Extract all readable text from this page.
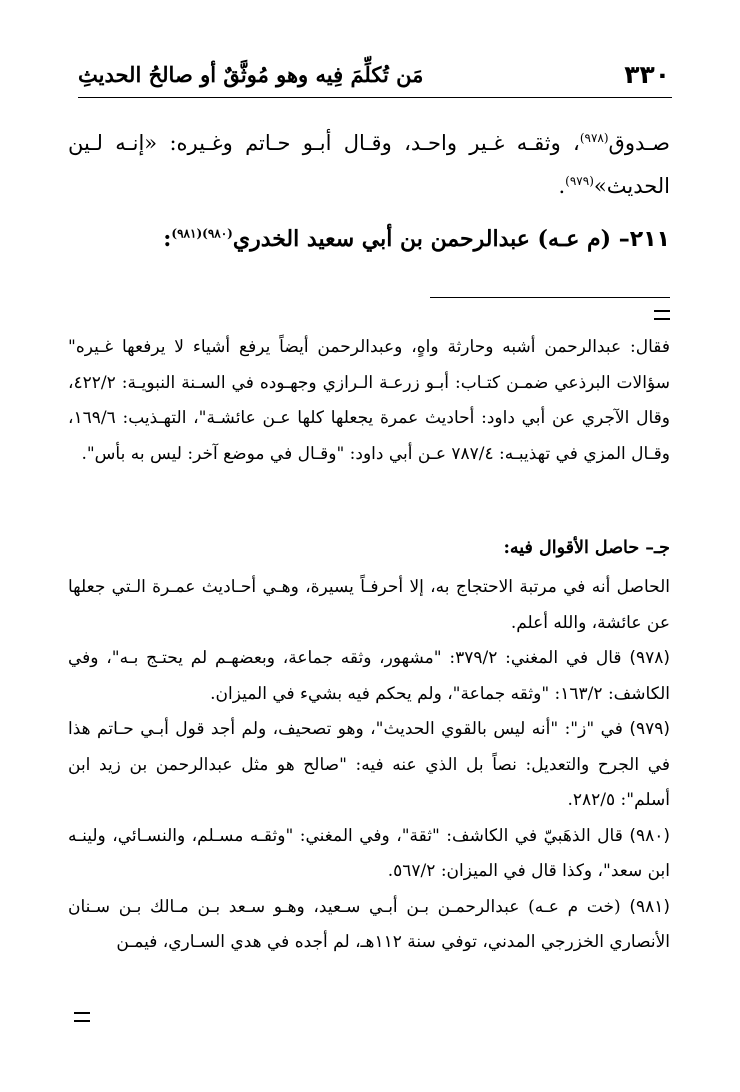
٣٣٠
مَن تُكلِّمَ فِيه وهو مُوثَّقٌ أو صالحُ الحديثِ
صـدوق$^{(٩٧٨)}$، وثقـه غـير واحـد، وقـال أبـو حـاتم وغـيره: «إنـه لـين الحديث»$^{(٩٧٩)}$.
٢١١– (م عـه) عبدالرحمن بن أبي سعيد الخدري$^{(٩٨٠)(٩٨١)}$:

فقال: عبدالرحمن أشبه وحارثة واهٍ، وعبدالرحمن أيضاً يرفع أشياء لا يرفعها غـيره" سؤالات البرذعي ضمـن كتـاب: أبـو زرعـة الـرازي وجهـوده في السـنة النبويـة: ٤٢٢/٢، وقال الآجري عن أبي داود: أحاديث عمرة يجعلها كلها عـن عائشـة"، التهـذيب: ١٦٩/٦، وقـال المزي في تهذيبـه: ٧٨٧/٤ عـن أبي داود: "وقـال في موضع آخر: ليس به بأس".

جـ– حاصل الأقوال فيه:

الحاصل أنه في مرتبة الاحتجاج به، إلا أحرفـاً يسيرة، وهـي أحـاديث عمـرة الـتي جعلها عن عائشة، والله أعلم.

(٩٧٨) قال في المغني: ٣٧٩/٢: "مشهور، وثقه جماعة، وبعضهـم لم يحتـج بـه"، وفي الكاشف: ١٦٣/٢: "وثقه جماعة"، ولم يحكم فيه بشيء في الميزان.

(٩٧٩) في "ز": "أنه ليس بالقوي الحديث"، وهو تصحيف، ولم أجد قول أبـي حـاتم هذا في الجرح والتعديل: نصاً بل الذي عنه فيه: "صالح هو مثل عبدالرحمن بن زيد ابن أسلم": ٢٨٢/٥.

(٩٨٠) قال الذهَبيّ في الكاشف: "ثقة"، وفي المغني: "وثقـه مسـلم، والنسـائي، ولينـه ابن سعد"، وكذا قال في الميزان: ٥٦٧/٢.

(٩٨١) (خت م عـه) عبدالرحمـن بـن أبـي سـعيد، وهـو سـعد بـن مـالك بـن سـنان الأنصاري الخزرجي المدني، توفي سنة ١١٢هـ، لم أجده في هدي السـاري، فيمـن
